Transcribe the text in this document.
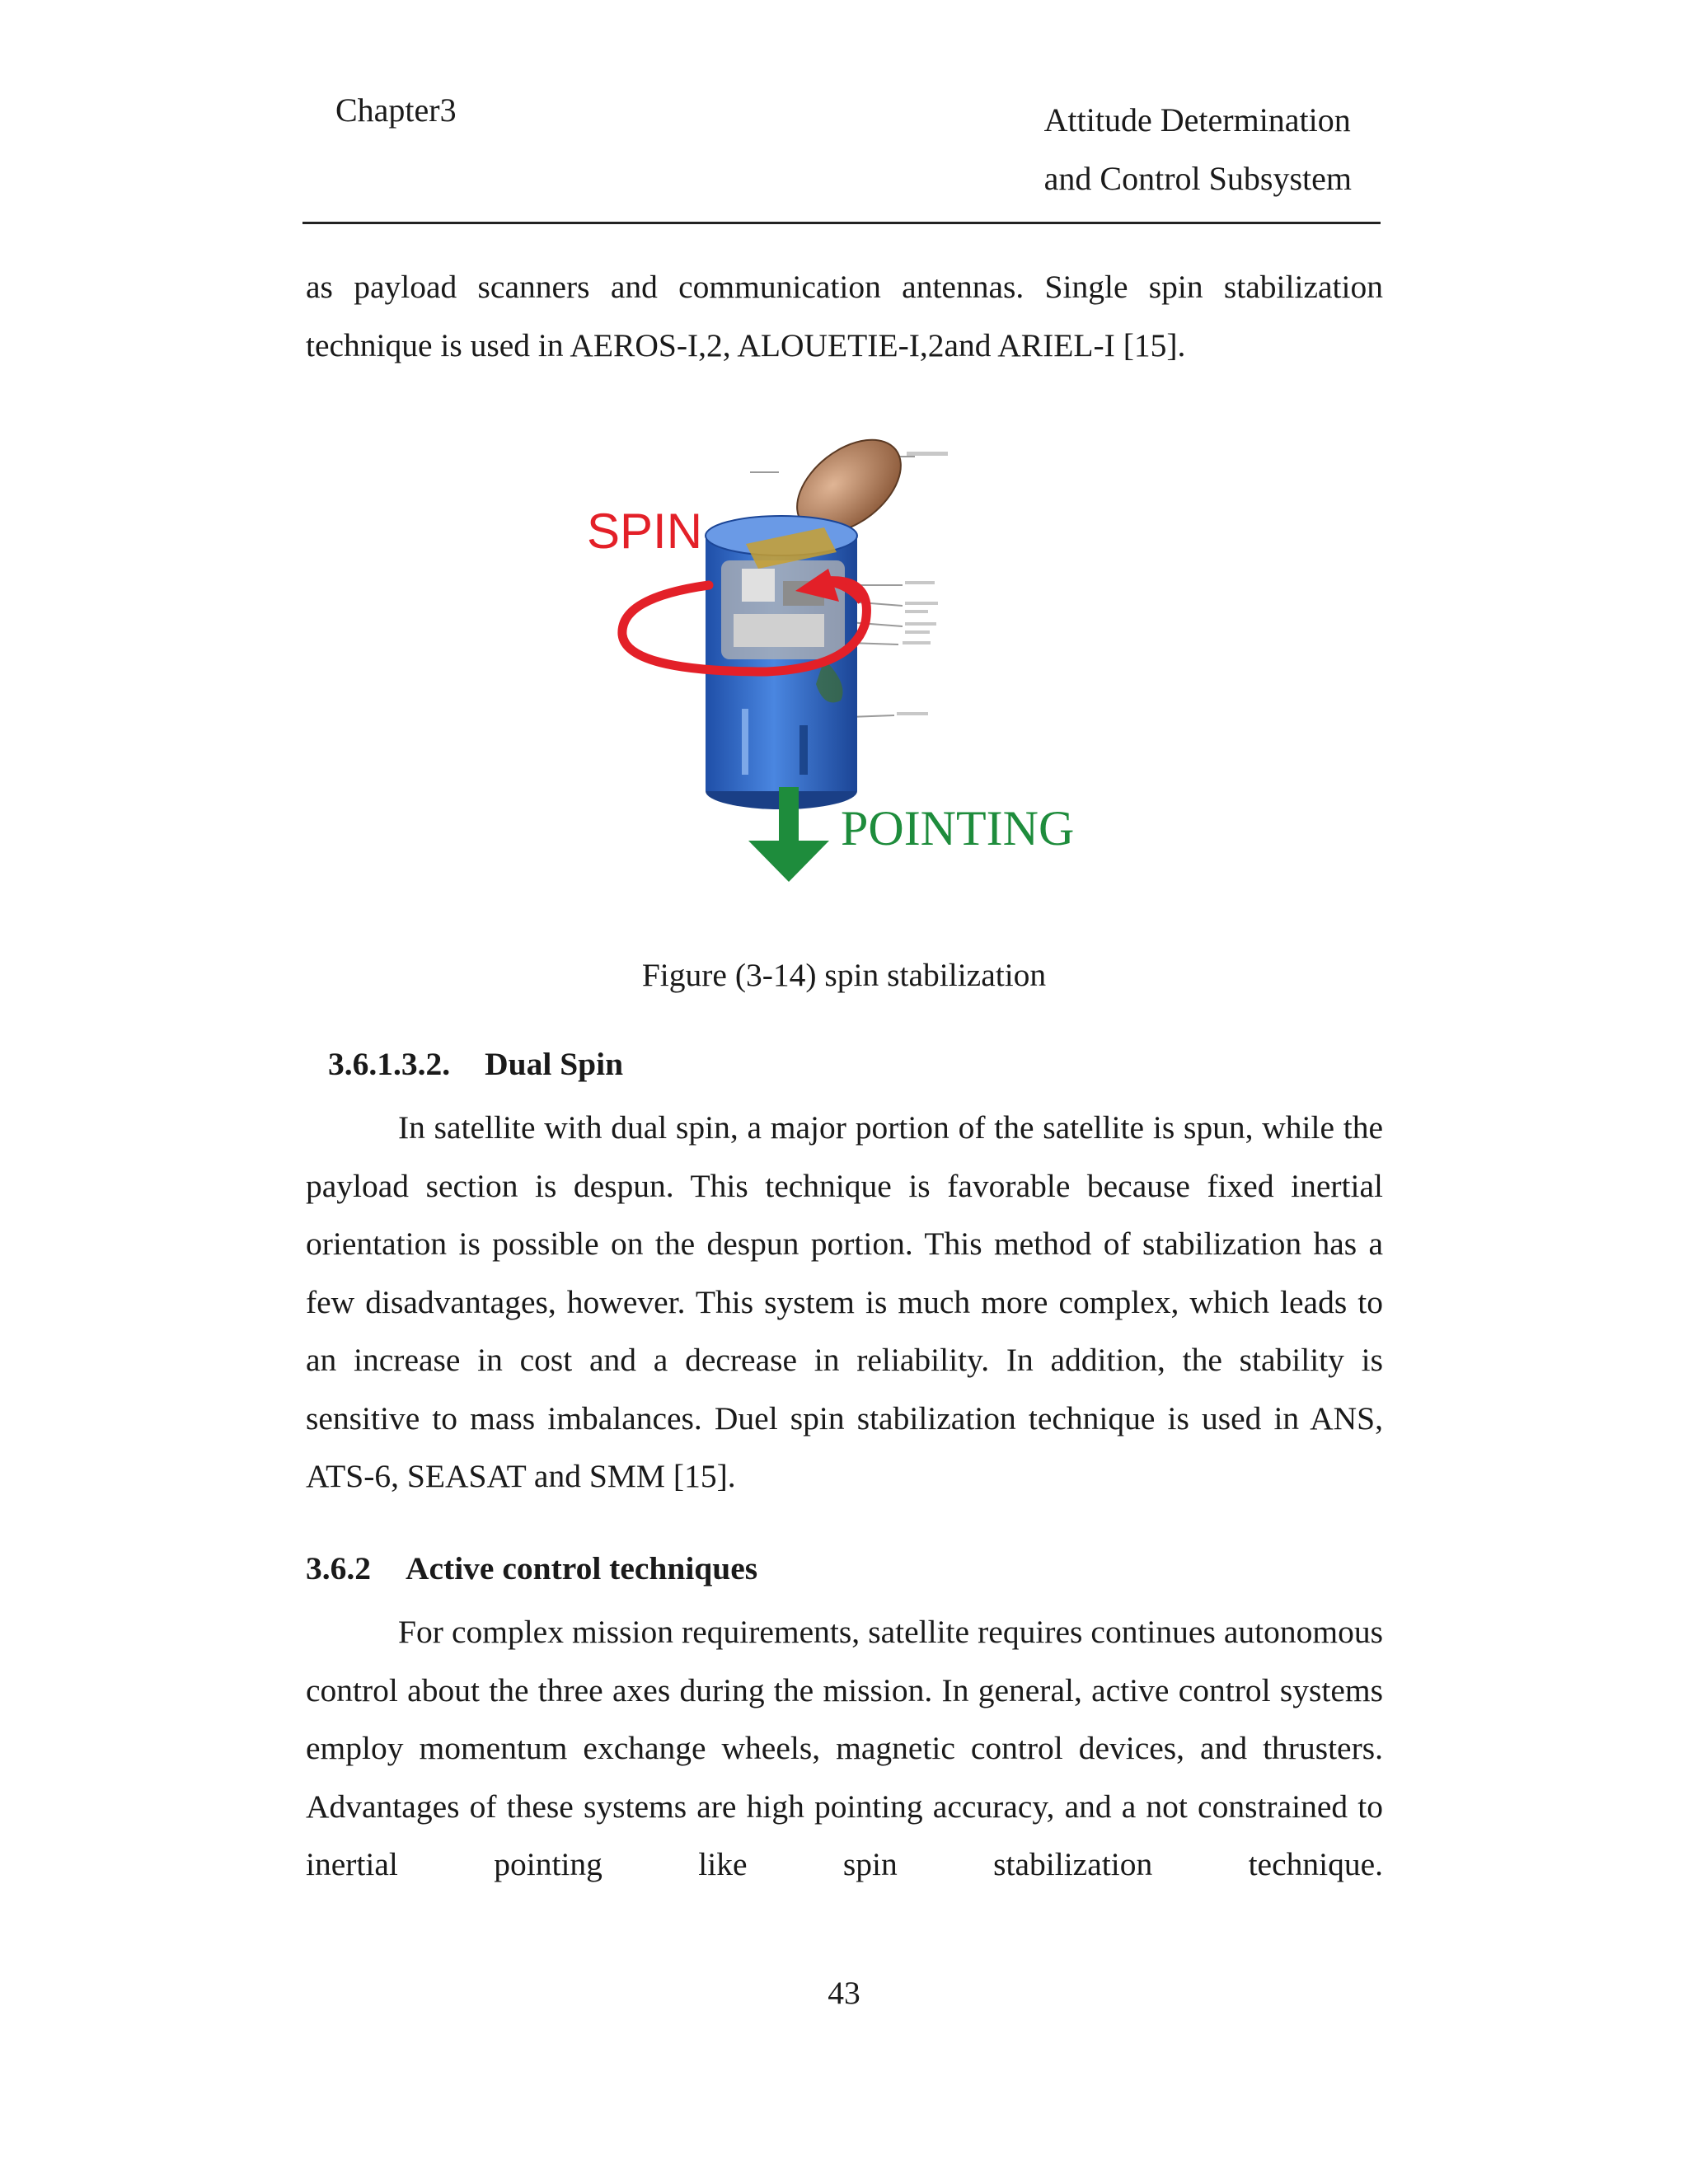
Chapter3	Attitude Determination
and Control Subsystem

as payload scanners and communication antennas. Single spin stabilization

technique is used in AEROS-I,2, ALOUETIE-I,2and ARIEL-I [15].

SPIN
POINTING
Figure (3-14) spin stabilization
3.6.1.3.2. Dual Spin

In satellite with dual spin, a major portion of the satellite is spun, while the payload section is despun. This technique is favorable because fixed inertial orientation is possible on the despun portion. This method of stabilization has a few disadvantages, however. This system is much more complex, which leads to an increase in cost and a decrease in reliability. In addition, the stability is sensitive to mass imbalances. Duel spin stabilization technique is used in ANS, ATS-6, SEASAT and SMM [15].

3.6.2 Active control techniques

For complex mission requirements, satellite requires continues autonomous control about the three axes during the mission. In general, active control systems employ momentum exchange wheels, magnetic control devices, and thrusters. Advantages of these systems are high pointing accuracy, and a not constrained to inertial pointing like spin stabilization technique.

43
